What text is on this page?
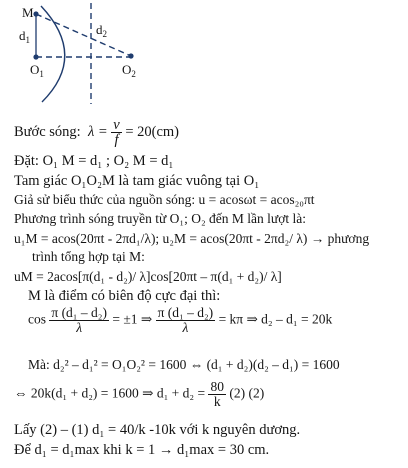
M
$d_1$
$d_2$
$O_1$	$O_2$
Bước sóng: $\lambda = \frac{v}{f} = 20(cm)$
Đặt: O₁ M = d₁ ; O₂ M = d₁
Tam giác O₁O₂M là tam giác vuông tại O₁
Giả sử biểu thức của nguồn sóng: u = acosωt = acos₂₀πt
Phương trình sóng truyền từ O₁; O₂ đến M lần lượt là:
u₁M = acos(20πt - 2πd₁/λ); u₂M = acos(20πt - 2πd₂/ λ) → phương
trình tổng hợp tại M:
uM = 2acos[π(d₁ - d₂)/ λ]cos[20πt – π(d₁ + d₂)/ λ]
M là điểm có biên độ cực đại thì:
$\cos \frac{\text{π (d₁ – d₂)}}{\lambda} = \pm 1$ ⇒ $\frac{\text{π (d₁ – d₂)}}{\lambda} = k\pi$ ⇒ d₂ – d₁ = 20k
Mà: d₂² – d₁² = O₁O₂² = 1600 ⇔ (d₁ + d₂)(d₂ – d₁) = 1600
⇔ 20k(d₁ + d₂) = 1600 ⇒ $d_1 + d_2 = \frac{80}{k} (2)$ (2)
Lấy (2) – (1) d₁ = 40/k -10k với k nguyên dương.
Để d₁ = d₁max khi k = 1 → d₁max = 30 cm.
